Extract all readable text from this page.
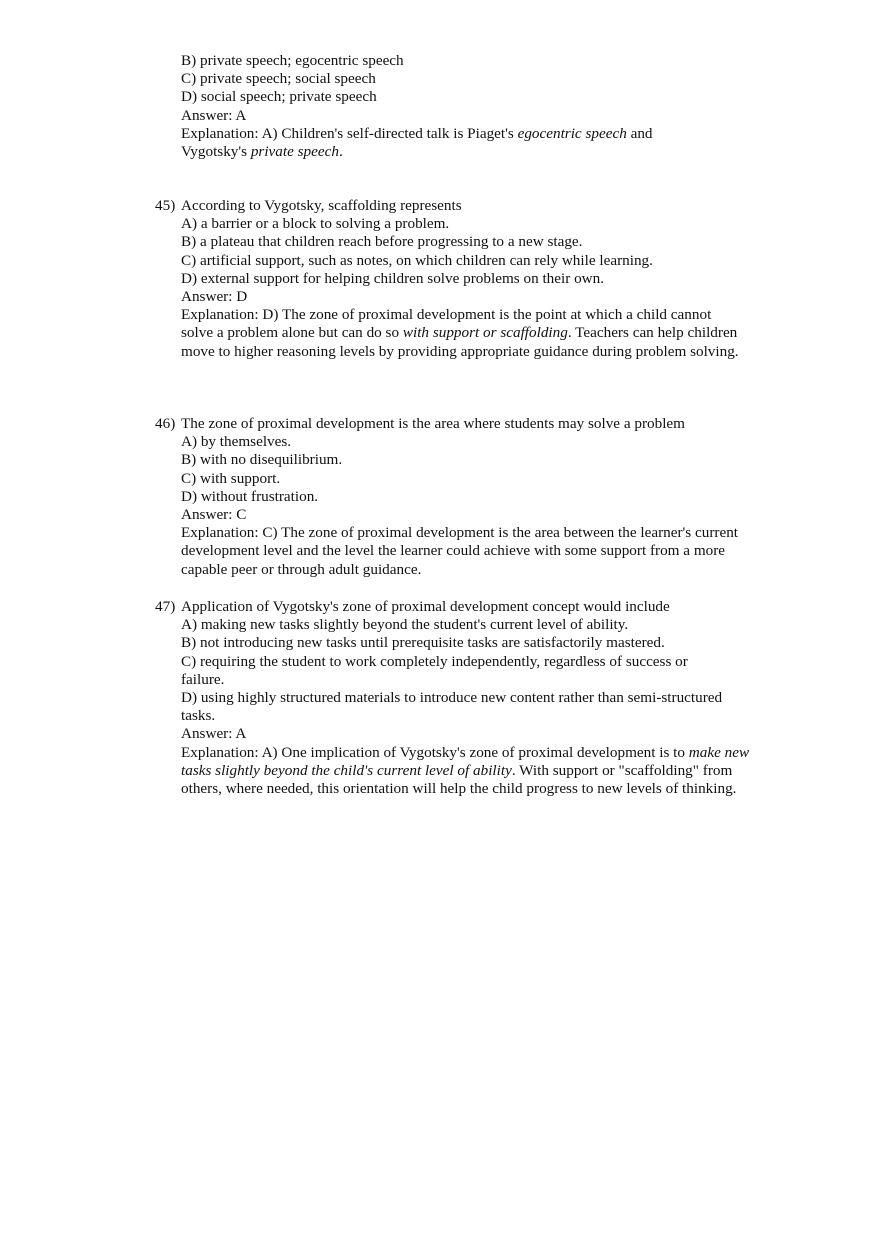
B) private speech; egocentric speech
C) private speech; social speech
D) social speech; private speech
Answer: A
Explanation: A) Children's self-directed talk is Piaget's egocentric speech and Vygotsky's private speech.
45) According to Vygotsky, scaffolding represents
A) a barrier or a block to solving a problem.
B) a plateau that children reach before progressing to a new stage.
C) artificial support, such as notes, on which children can rely while learning.
D) external support for helping children solve problems on their own.
Answer: D
Explanation: D) The zone of proximal development is the point at which a child cannot solve a problem alone but can do so with support or scaffolding. Teachers can help children move to higher reasoning levels by providing appropriate guidance during problem solving.
46) The zone of proximal development is the area where students may solve a problem
A) by themselves.
B) with no disequilibrium.
C) with support.
D) without frustration.
Answer: C
Explanation: C) The zone of proximal development is the area between the learner's current development level and the level the learner could achieve with some support from a more capable peer or through adult guidance.
47) Application of Vygotsky's zone of proximal development concept would include
A) making new tasks slightly beyond the student's current level of ability.
B) not introducing new tasks until prerequisite tasks are satisfactorily mastered.
C) requiring the student to work completely independently, regardless of success or failure.
D) using highly structured materials to introduce new content rather than semi-structured tasks.
Answer: A
Explanation: A) One implication of Vygotsky's zone of proximal development is to make new tasks slightly beyond the child's current level of ability. With support or "scaffolding" from others, where needed, this orientation will help the child progress to new levels of thinking.
